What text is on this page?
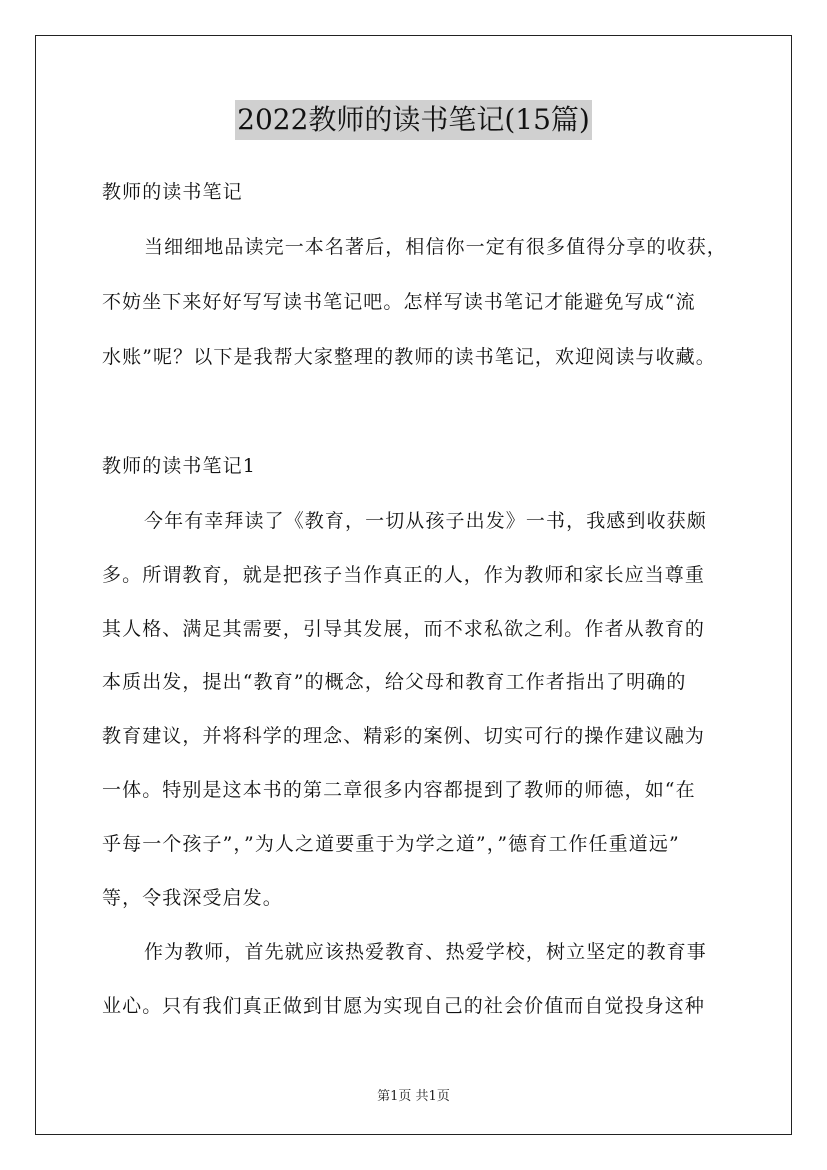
2022教师的读书笔记(15篇)
教师的读书笔记
当细细地品读完一本名著后，相信你一定有很多值得分享的收获，
不妨坐下来好好写写读书笔记吧。怎样写读书笔记才能避免写成“流
水账”呢？以下是我帮大家整理的教师的读书笔记，欢迎阅读与收藏。
教师的读书笔记1
今年有幸拜读了《教育，一切从孩子出发》一书，我感到收获颇
多。所谓教育，就是把孩子当作真正的人，作为教师和家长应当尊重
其人格、满足其需要，引导其发展，而不求私欲之利。作者从教育的
本质出发，提出“教育”的概念，给父母和教育工作者指出了明确的
教育建议，并将科学的理念、精彩的案例、切实可行的操作建议融为
一体。特别是这本书的第二章很多内容都提到了教师的师德，如“在
乎每一个孩子”，”为人之道要重于为学之道”，”德育工作任重道远”
等，令我深受启发。
作为教师，首先就应该热爱教育、热爱学校，树立坚定的教育事
业心。只有我们真正做到甘愿为实现自己的社会价值而自觉投身这种
第1页 共1页
